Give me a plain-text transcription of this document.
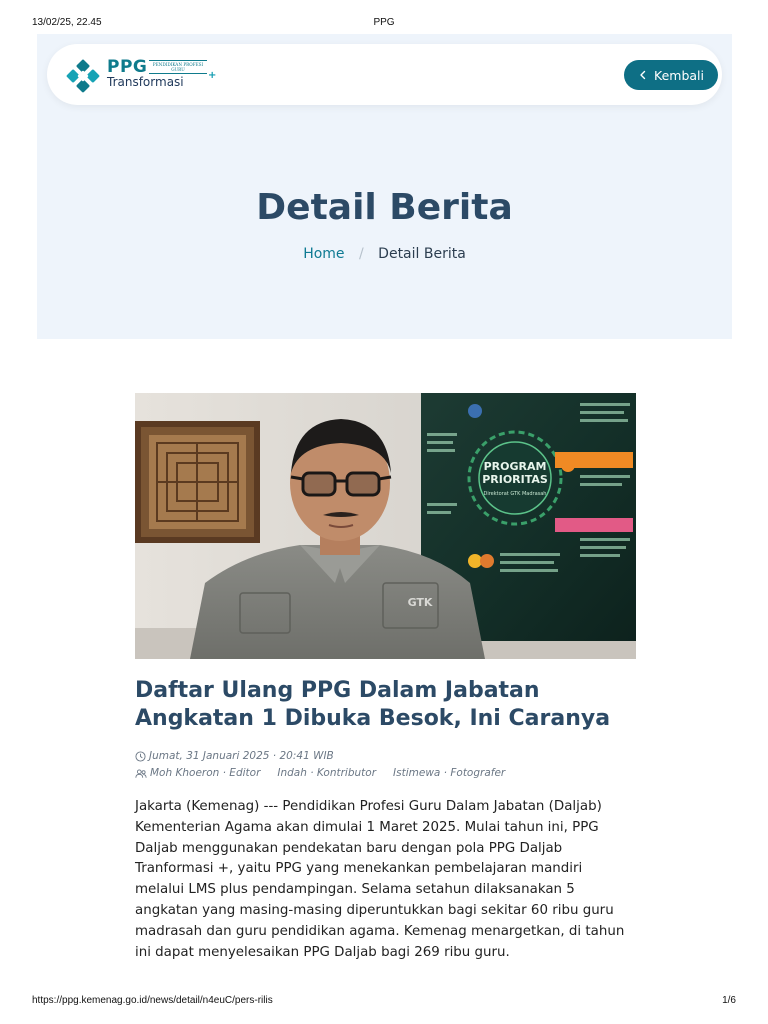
13/02/25, 22.45	PPG
PPG	PENDIDIKAN PROFESI GURU
Transformasi +	Kembali
Detail Berita
Home / Detail Berita
PROGRAM
PRIORITAS
Direktorat GTK Madrasah
GTK
Daftar Ulang PPG Dalam Jabatan Angkatan 1 Dibuka Besok, Ini Caranya
Jumat, 31 Januari 2025 · 20:41 WIB
Moh Khoeron · Editor Indah · Kontributor Istimewa · Fotografer

Jakarta (Kemenag) --- Pendidikan Profesi Guru Dalam Jabatan (Daljab) Kementerian Agama akan dimulai 1 Maret 2025. Mulai tahun ini, PPG Daljab menggunakan pendekatan baru dengan pola PPG Daljab Tranformasi +, yaitu PPG yang menekankan pembelajaran mandiri melalui LMS plus pendampingan. Selama setahun dilaksanakan 5 angkatan yang masing-masing diperuntukkan bagi sekitar 60 ribu guru madrasah dan guru pendidikan agama. Kemenag menargetkan, di tahun ini dapat menyelesaikan PPG Daljab bagi 269 ribu guru.

https://ppg.kemenag.go.id/news/detail/n4euC/pers-rilis	1/6
